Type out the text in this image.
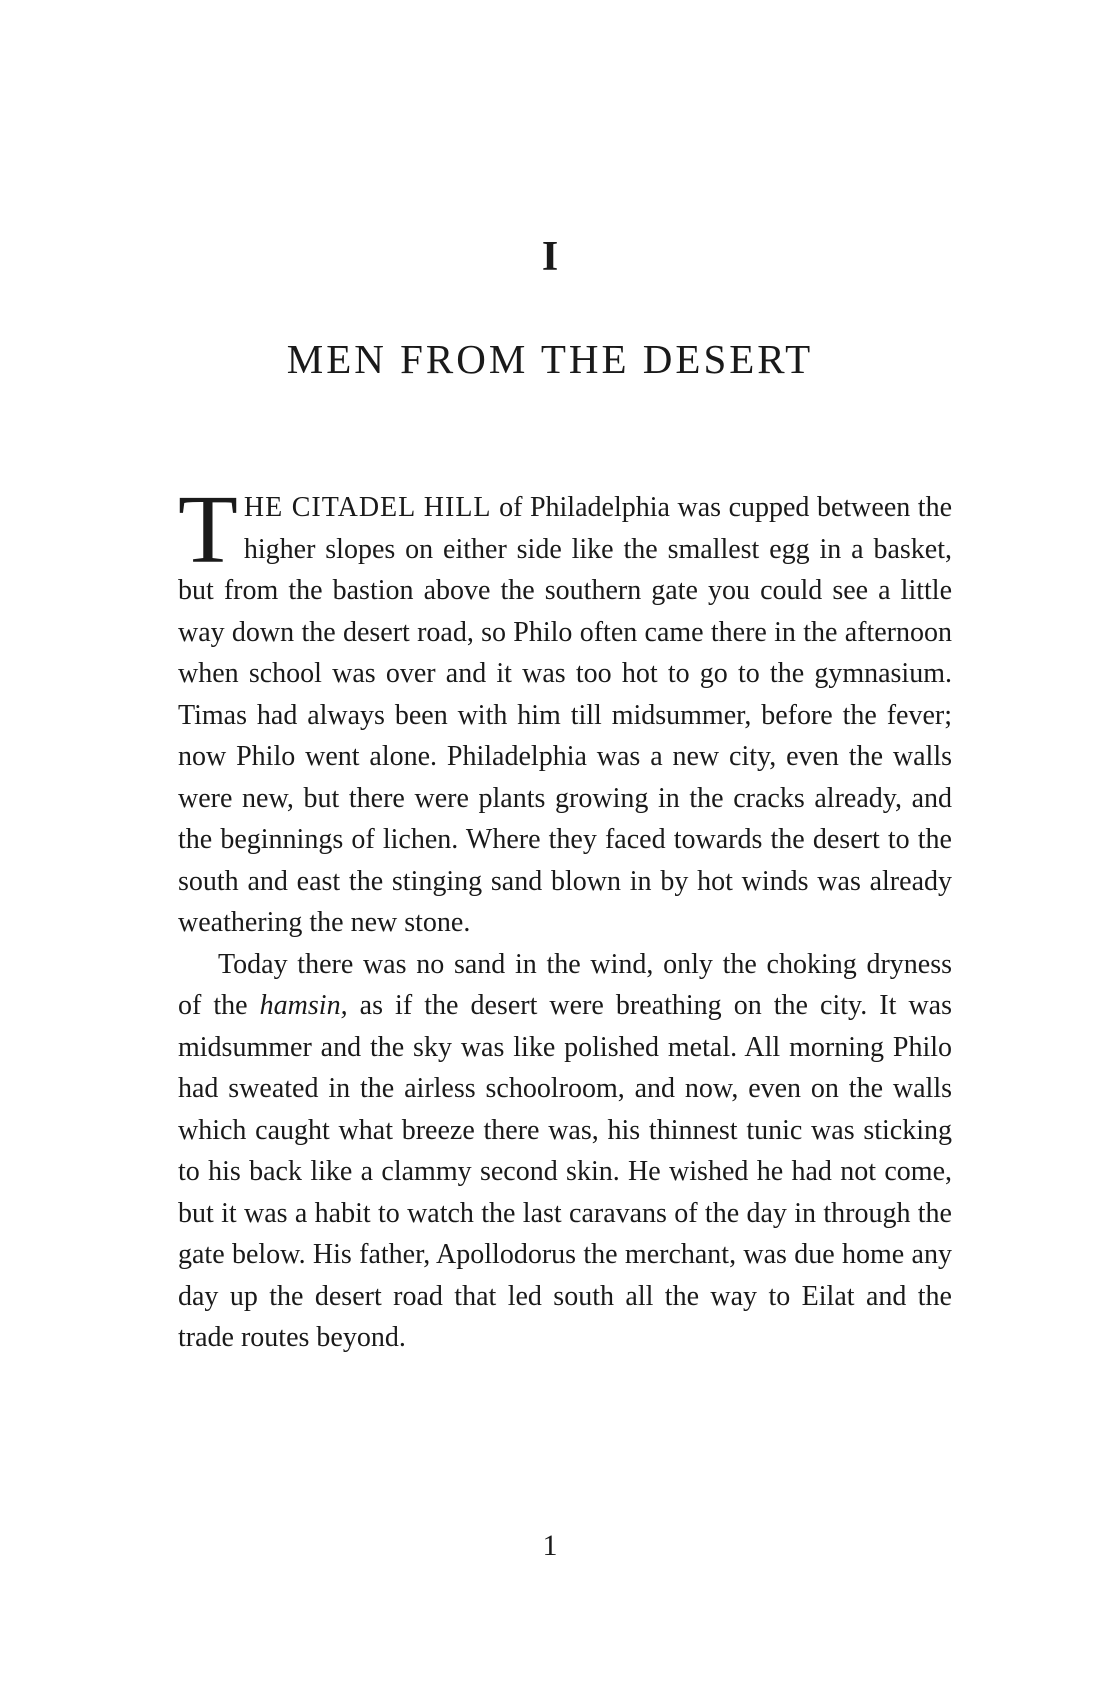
I
MEN FROM THE DESERT

THE CITADEL HILL of Philadelphia was cupped between the higher slopes on either side like the smallest egg in a basket, but from the bastion above the southern gate you could see a little way down the desert road, so Philo often came there in the afternoon when school was over and it was too hot to go to the gymnasium. Timas had always been with him till midsummer, before the fever; now Philo went alone. Philadelphia was a new city, even the walls were new, but there were plants growing in the cracks already, and the beginnings of lichen. Where they faced towards the desert to the south and east the stinging sand blown in by hot winds was already weathering the new stone.

Today there was no sand in the wind, only the choking dryness of the hamsin, as if the desert were breathing on the city. It was midsummer and the sky was like polished metal. All morning Philo had sweated in the airless schoolroom, and now, even on the walls which caught what breeze there was, his thinnest tunic was sticking to his back like a clammy second skin. He wished he had not come, but it was a habit to watch the last caravans of the day in through the gate below. His father, Apollodorus the merchant, was due home any day up the desert road that led south all the way to Eilat and the trade routes beyond.

1
